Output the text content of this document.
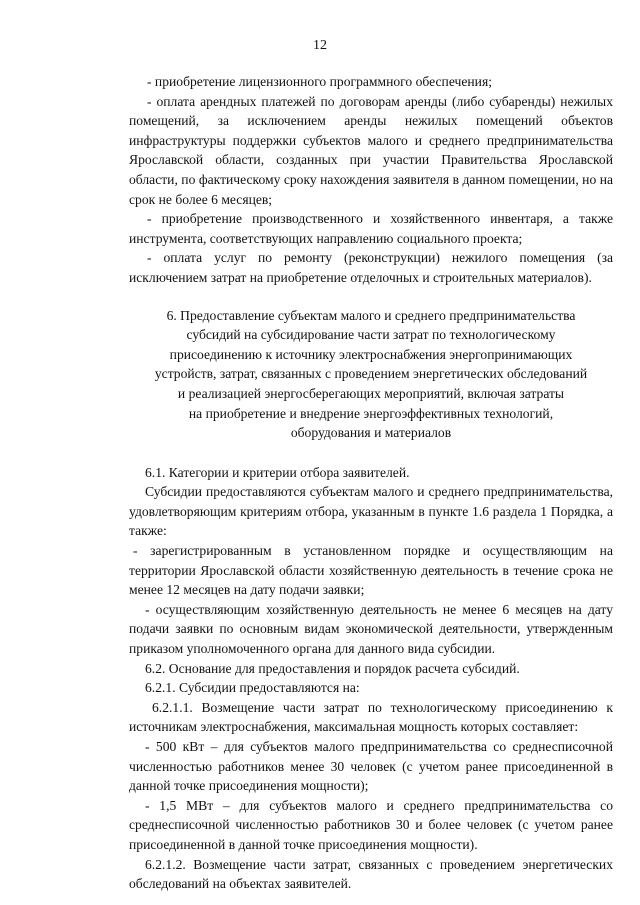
12

- приобретение лицензионного программного обеспечения;

- оплата арендных платежей по договорам аренды (либо субаренды) нежилых помещений, за исключением аренды нежилых помещений объектов инфраструктуры поддержки субъектов малого и среднего предпринимательства Ярославской области, созданных при участии Правительства Ярославской области, по фактическому сроку нахождения заявителя в данном помещении, но на срок не более 6 месяцев;

- приобретение производственного и хозяйственного инвентаря, а также инструмента, соответствующих направлению социального проекта;

- оплата услуг по ремонту (реконструкции) нежилого помещения (за исключением затрат на приобретение отделочных и строительных материалов).

6. Предоставление субъектам малого и среднего предпринимательства
субсидий на субсидирование части затрат по технологическому
присоединению к источнику электроснабжения энергопринимающих
устройств, затрат, связанных с проведением энергетических обследований
и реализацией энергосберегающих мероприятий, включая затраты
на приобретение и внедрение энергоэффективных технологий,
оборудования и материалов

6.1. Категории и критерии отбора заявителей.

Субсидии предоставляются субъектам малого и среднего предпринимательства, удовлетворяющим критериям отбора, указанным в пункте 1.6 раздела 1 Порядка, а также:

- зарегистрированным в установленном порядке и осуществляющим на территории Ярославской области хозяйственную деятельность в течение срока не менее 12 месяцев на дату подачи заявки;

- осуществляющим хозяйственную деятельность не менее 6 месяцев на дату подачи заявки по основным видам экономической деятельности, утвержденным приказом уполномоченного органа для данного вида субсидии.

6.2. Основание для предоставления и порядок расчета субсидий.

6.2.1. Субсидии предоставляются на:

6.2.1.1. Возмещение части затрат по технологическому присоединению к источникам электроснабжения, максимальная мощность которых составляет:

- 500 кВт – для субъектов малого предпринимательства со среднесписочной численностью работников менее 30 человек (с учетом ранее присоединенной в данной точке присоединения мощности);

- 1,5 МВт – для субъектов малого и среднего предпринимательства со среднесписочной численностью работников 30 и более человек (с учетом ранее присоединенной в данной точке присоединения мощности).

6.2.1.2. Возмещение части затрат, связанных с проведением энергетических обследований на объектах заявителей.
